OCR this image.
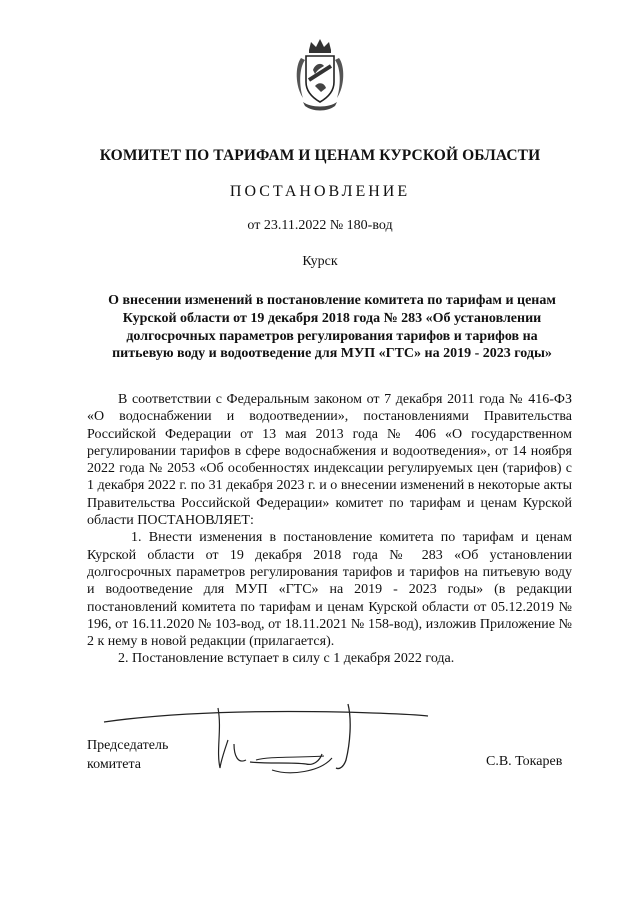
КОМИТЕТ ПО ТАРИФАМ И ЦЕНАМ КУРСКОЙ ОБЛАСТИ
ПОСТАНОВЛЕНИЕ
от 23.11.2022 № 180-вод
Курск
О внесении изменений в постановление комитета по тарифам и ценам
Курской области от 19 декабря 2018 года № 283 «Об установлении
долгосрочных параметров регулирования тарифов и тарифов на
питьевую воду и водоотведение для МУП «ГТС» на 2019 - 2023 годы»

В соответствии с Федеральным законом от 7 декабря 2011 года № 416-ФЗ «О водоснабжении и водоотведении», постановлениями Правительства Российской Федерации от 13 мая 2013 года № 406 «О государственном регулировании тарифов в сфере водоснабжения и водоотведения», от 14 ноября 2022 года № 2053 «Об особенностях индексации регулируемых цен (тарифов) с 1 декабря 2022 г. по 31 декабря 2023 г. и о внесении изменений в некоторые акты Правительства Российской Федерации» комитет по тарифам и ценам Курской области ПОСТАНОВЛЯЕТ:

1. Внести изменения в постановление комитета по тарифам и ценам Курской области от 19 декабря 2018 года № 283 «Об установлении долгосрочных параметров регулирования тарифов и тарифов на питьевую воду и водоотведение для МУП «ГТС» на 2019 - 2023 годы» (в редакции постановлений комитета по тарифам и ценам Курской области от 05.12.2019 № 196, от 16.11.2020 № 103-вод, от 18.11.2021 № 158-вод), изложив Приложение № 2 к нему в новой редакции (прилагается).

2. Постановление вступает в силу с 1 декабря 2022 года.

Председатель
комитета	С.В. Токарев
